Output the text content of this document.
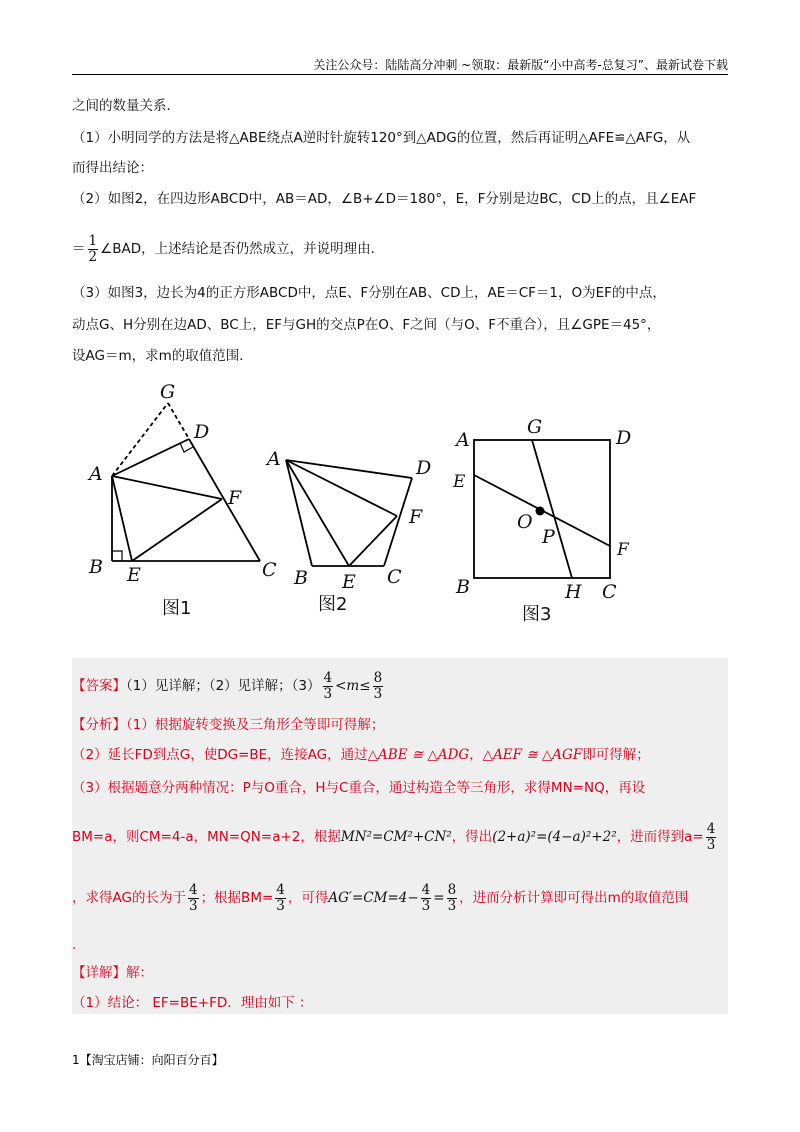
关注公众号：陆陆高分冲刺 ~领取：最新版“小中高考-总复习”、最新试卷下载
之间的数量关系．
（1）小明同学的方法是将△ABE绕点A逆时针旋转120°到△ADG的位置，然后再证明△AFE≌△AFG，从
而得出结论：
（2）如图2，在四边形ABCD中，AB＝AD，∠B+∠D＝180°，E，F分别是边BC，CD上的点，且∠EAF
＝ $\frac{1}{2}$ ∠BAD，上述结论是否仍然成立，并说明理由．
（3）如图3，边长为4的正方形ABCD中，点E、F分别在AB、CD上，AE＝CF＝1，O为EF的中点，
动点G、H分别在边AD、BC上，EF与GH的交点P在O、F之间（与O、F不重合），且∠GPE＝45°，
设AG＝m，求m的取值范围．
G
D
A
F
B E	C
A	D
F
B E C
A
G	D
E
O
P
F
B	H C
图1	图2	图3
【答案】（1）见详解；（2）见详解；$(3) \frac{4}{3} <m\le \frac{8}{3}$
【分析】（1）根据旋转变换及三角形全等即可得解；
（2）延长FD到点G，使DG=BE，连接AG，通过△ABE ≅ △ADG，△AEF ≅ △AGF即可得解；
（3）根据题意分两种情况：P与O重合，H与C重合，通过构造全等三角形，求得MN=NQ，再设
BM=a，则CM=4-a，MN=QN=a+2，根据MN²=CM²+CN²，得出(2+a)²=(4−a)²+2²，进而得到$a= \frac{4}{3}$
，求得AG的长为于 $\frac{4}{3}$ ；根据$BM= \frac{4}{3}$ ，可得$AG'=CM=4- \frac{4}{3} = \frac{8}{3}$ ，进而分析计算即可得出m的取值范围
.
【详解】解：
（1）结论： EF=BE+FD．理由如下 ：
1【淘宝店铺：向阳百分百】
